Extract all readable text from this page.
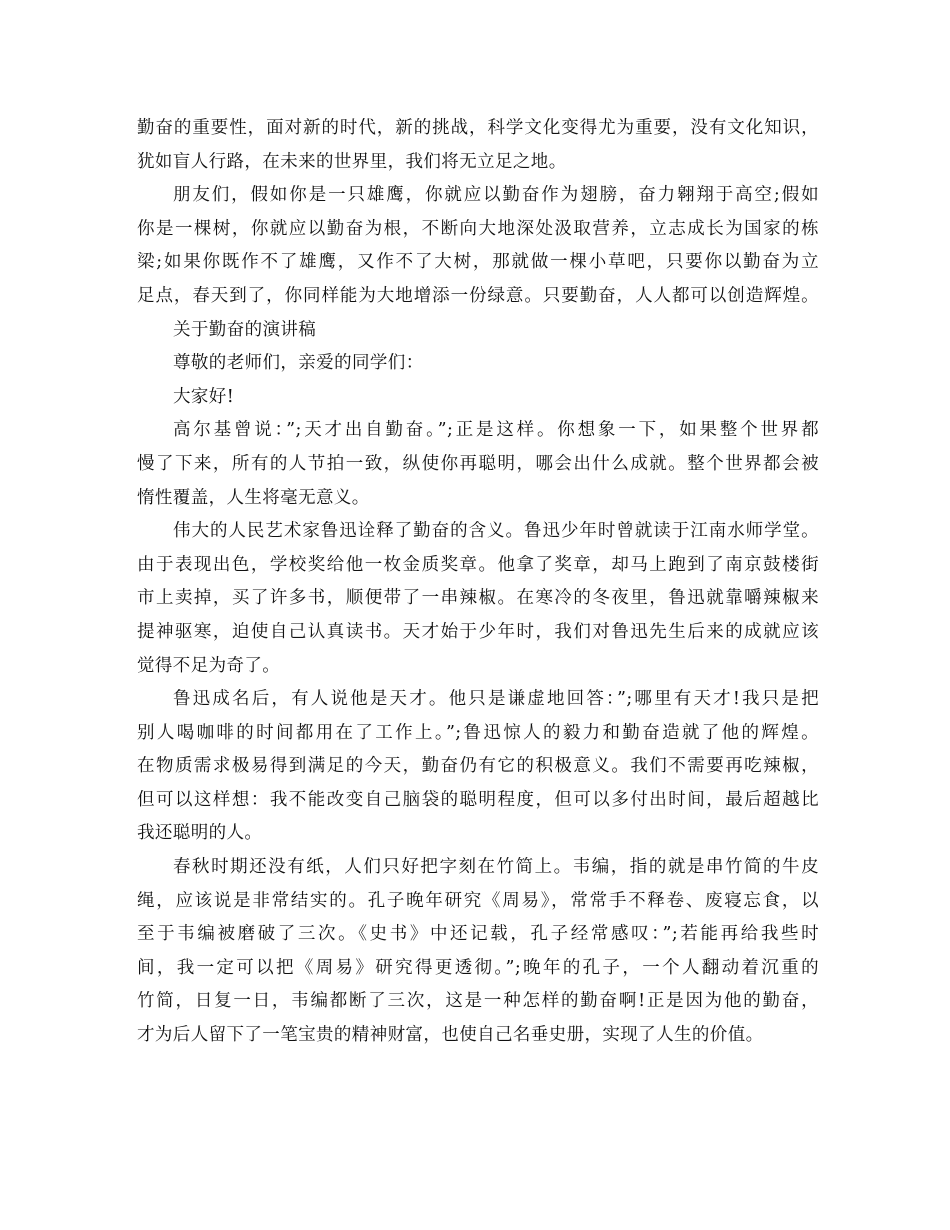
勤奋的重要性，面对新的时代，新的挑战，科学文化变得尤为重要，没有文化知识，
犹如盲人行路，在未来的世界里，我们将无立足之地。
朋友们，假如你是一只雄鹰，你就应以勤奋作为翅膀，奋力翱翔于高空;假如
你是一棵树，你就应以勤奋为根，不断向大地深处汲取营养，立志成长为国家的栋
梁;如果你既作不了雄鹰，又作不了大树，那就做一棵小草吧，只要你以勤奋为立
足点，春天到了，你同样能为大地增添一份绿意。只要勤奋，人人都可以创造辉煌。
关于勤奋的演讲稿
尊敬的老师们，亲爱的同学们：
大家好!
高尔基曾说：”;天才出自勤奋。”;正是这样。你想象一下，如果整个世界都
慢了下来，所有的人节拍一致，纵使你再聪明，哪会出什么成就。整个世界都会被
惰性覆盖，人生将毫无意义。
伟大的人民艺术家鲁迅诠释了勤奋的含义。鲁迅少年时曾就读于江南水师学堂。
由于表现出色，学校奖给他一枚金质奖章。他拿了奖章，却马上跑到了南京鼓楼街
市上卖掉，买了许多书，顺便带了一串辣椒。在寒冷的冬夜里，鲁迅就靠嚼辣椒来
提神驱寒，迫使自己认真读书。天才始于少年时，我们对鲁迅先生后来的成就应该
觉得不足为奇了。
鲁迅成名后，有人说他是天才。他只是谦虚地回答：”;哪里有天才!我只是把
别人喝咖啡的时间都用在了工作上。”;鲁迅惊人的毅力和勤奋造就了他的辉煌。
在物质需求极易得到满足的今天，勤奋仍有它的积极意义。我们不需要再吃辣椒，
但可以这样想：我不能改变自己脑袋的聪明程度，但可以多付出时间，最后超越比
我还聪明的人。
春秋时期还没有纸，人们只好把字刻在竹简上。韦编，指的就是串竹简的牛皮
绳，应该说是非常结实的。孔子晚年研究《周易》，常常手不释卷、废寝忘食，以
至于韦编被磨破了三次。《史书》中还记载，孔子经常感叹：”;若能再给我些时
间，我一定可以把《周易》研究得更透彻。”;晚年的孔子，一个人翻动着沉重的
竹简，日复一日，韦编都断了三次，这是一种怎样的勤奋啊!正是因为他的勤奋，
才为后人留下了一笔宝贵的精神财富，也使自己名垂史册，实现了人生的价值。
